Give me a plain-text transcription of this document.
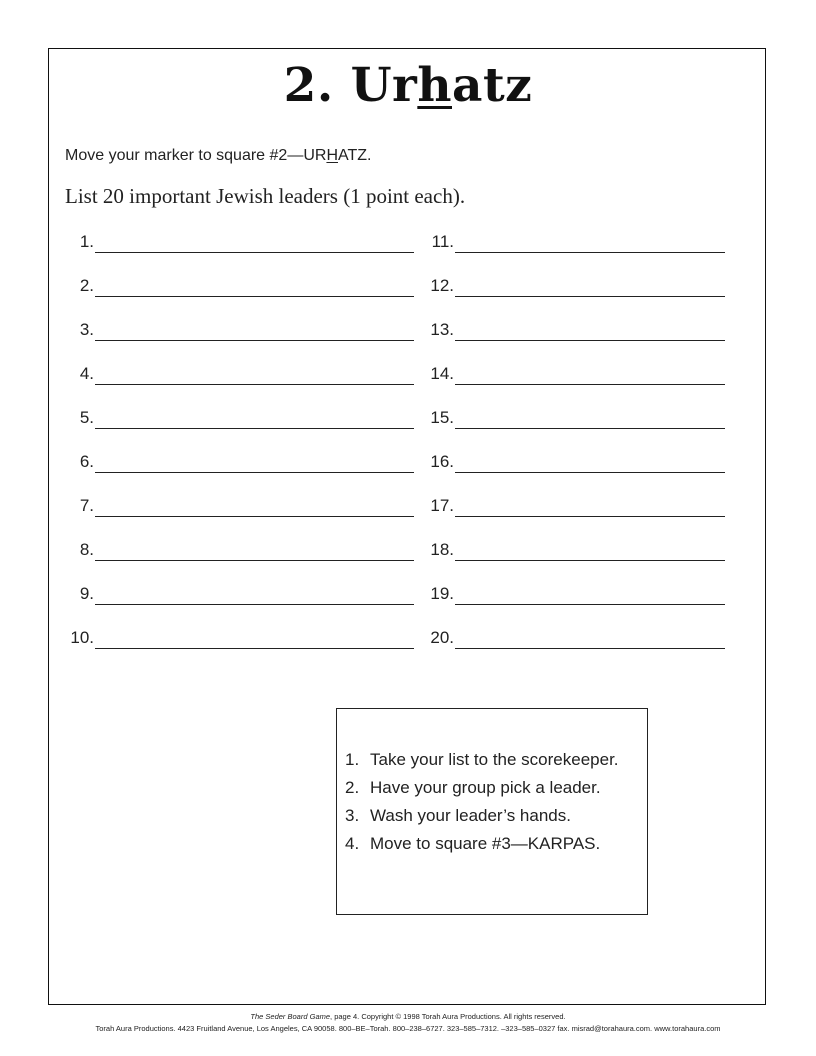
2. Urhatz
Move your marker to square #2—URHATZ.
List 20 important Jewish leaders (1 point each).
1.
2.
3.
4.
5.
6.
7.
8.
9.
10.
11.
12.
13.
14.
15.
16.
17.
18.
19.
20.
1. Take your list to the scorekeeper.
2. Have your group pick a leader.
3. Wash your leader’s hands.
4. Move to square #3—KARPAS.
The Seder Board Game, page 4. Copyright © 1998 Torah Aura Productions. All rights reserved.
Torah Aura Productions. 4423 Fruitland Avenue, Los Angeles, CA 90058. 800–BE–Torah. 800–238–6727. 323–585–7312. –323–585–0327 fax. misrad@torahaura.com. www.torahaura.com
